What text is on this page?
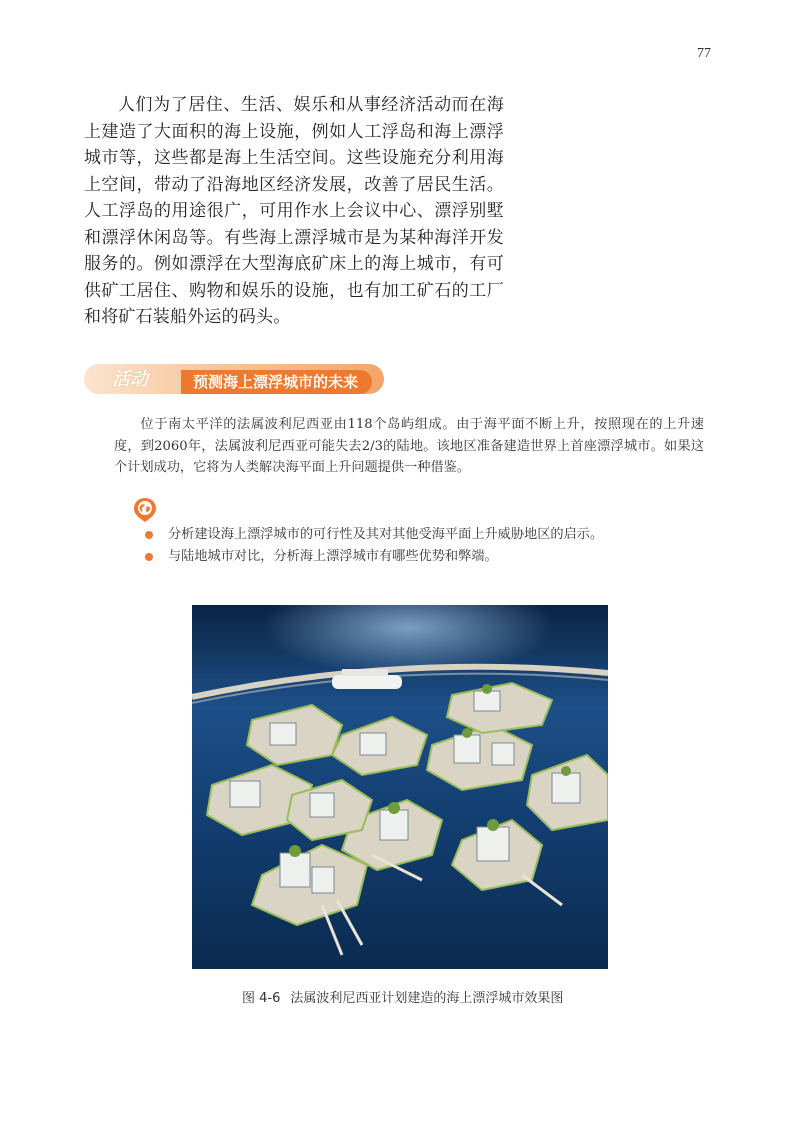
77
人们为了居住、生活、娱乐和从事经济活动而在海上建造了大面积的海上设施，例如人工浮岛和海上漂浮城市等，这些都是海上生活空间。这些设施充分利用海上空间，带动了沿海地区经济发展，改善了居民生活。人工浮岛的用途很广，可用作水上会议中心、漂浮别墅和漂浮休闲岛等。有些海上漂浮城市是为某种海洋开发服务的。例如漂浮在大型海底矿床上的海上城市，有可供矿工居住、购物和娱乐的设施，也有加工矿石的工厂和将矿石装船外运的码头。
活动	预测海上漂浮城市的未来
位于南太平洋的法属波利尼西亚由118个岛屿组成。由于海平面不断上升，按照现在的上升速度，到2060年，法属波利尼西亚可能失去2/3的陆地。该地区准备建造世界上首座漂浮城市。如果这个计划成功，它将为人类解决海平面上升问题提供一种借鉴。
分析建设海上漂浮城市的可行性及其对其他受海平面上升威胁地区的启示。
与陆地城市对比，分析海上漂浮城市有哪些优势和弊端。
图 4-6 法属波利尼西亚计划建造的海上漂浮城市效果图
